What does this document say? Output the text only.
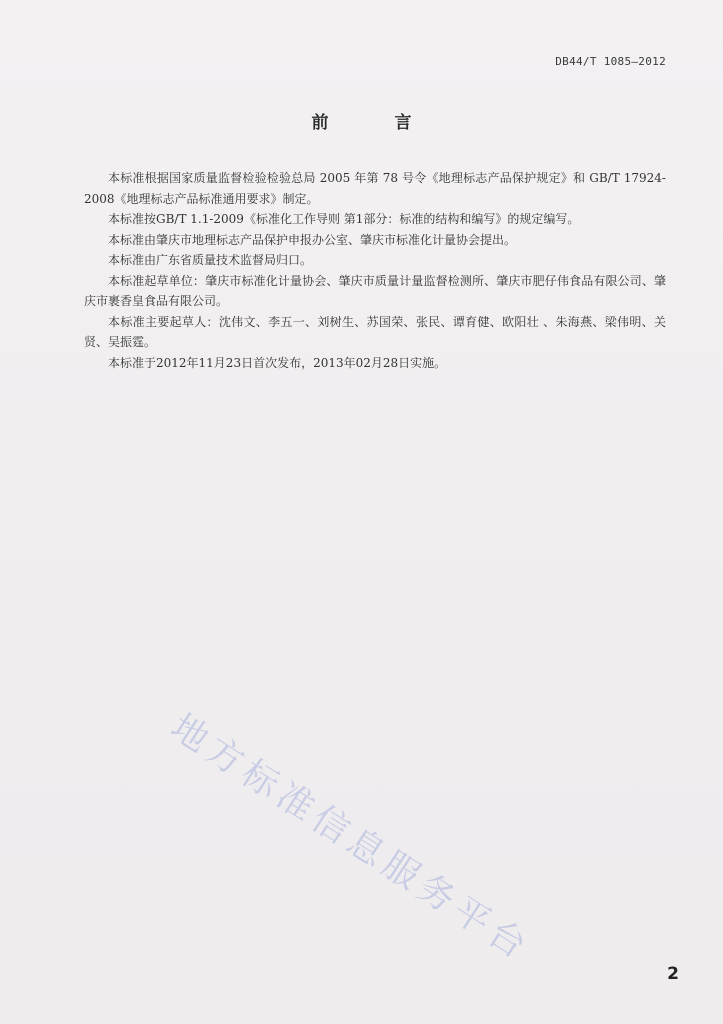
DB44/T 1085—2012
前 言

本标准根据国家质量监督检验检验总局 2005 年第 78 号令《地理标志产品保护规定》和 GB/T 17924-2008《地理标志产品标准通用要求》制定。

本标准按GB/T 1.1-2009《标准化工作导则 第1部分：标准的结构和编写》的规定编写。

本标准由肇庆市地理标志产品保护申报办公室、肇庆市标准化计量协会提出。

本标准由广东省质量技术监督局归口。

本标准起草单位：肇庆市标准化计量协会、肇庆市质量计量监督检测所、肇庆市肥仔伟食品有限公司、肇庆市裹香皇食品有限公司。

本标准主要起草人：沈伟文、李五一、刘树生、苏国荣、张民、谭育健、欧阳壮 、朱海燕、梁伟明、关贤、吴振霆。

本标准于2012年11月23日首次发布，2013年02月28日实施。

地方标准信息服务平台
2
